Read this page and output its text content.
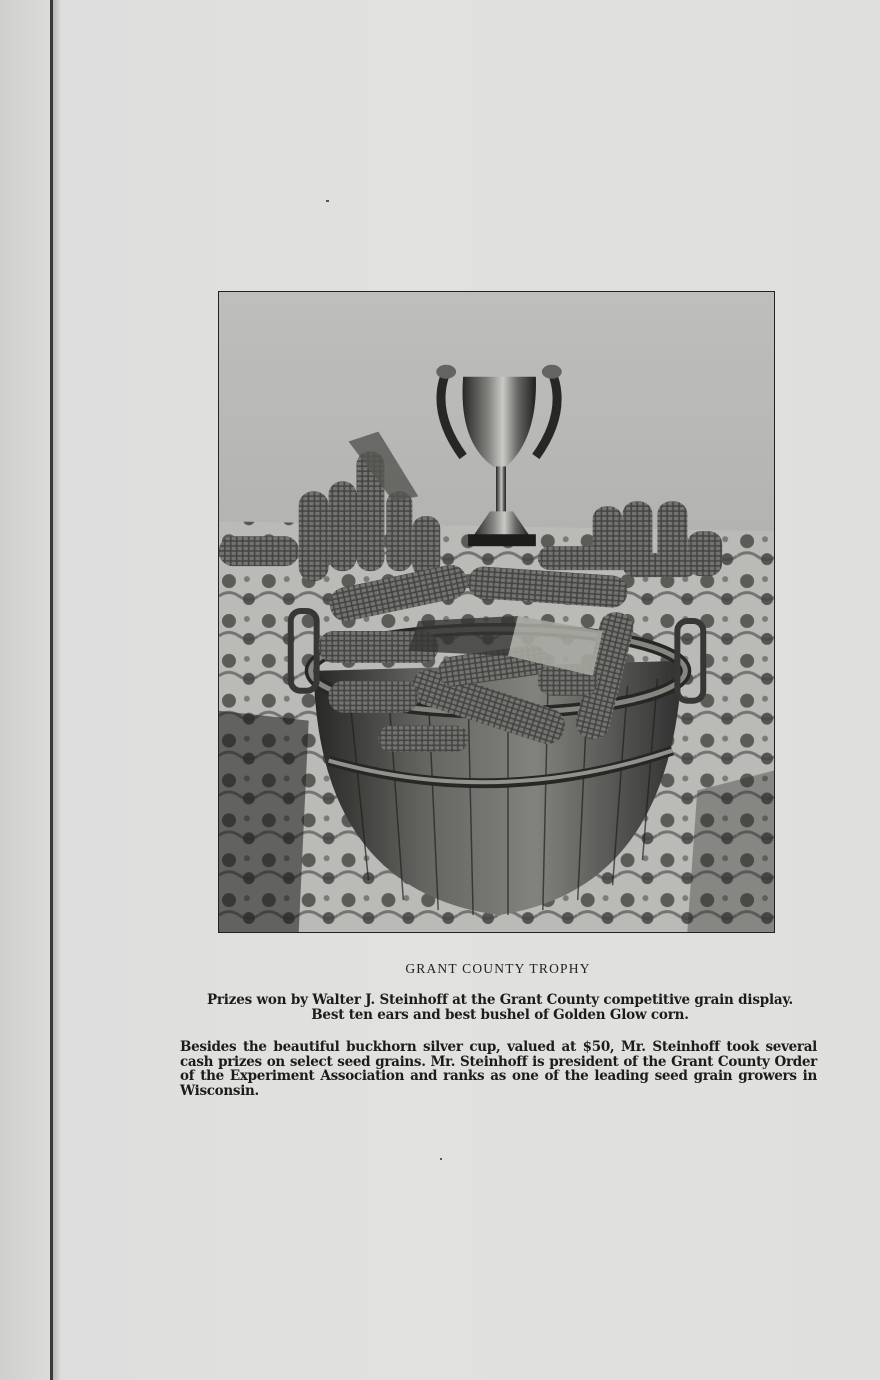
GRANT COUNTY TROPHY
Prizes won by Walter J. Steinhoff at the Grant County competitive grain display.
Best ten ears and best bushel of Golden Glow corn.
Besides the beautiful buckhorn silver cup, valued at $50, Mr. Steinhoff took several cash prizes on select seed grains. Mr. Steinhoff is president of the Grant County Order of the Experiment Association and ranks as one of the leading seed grain growers in Wisconsin.
